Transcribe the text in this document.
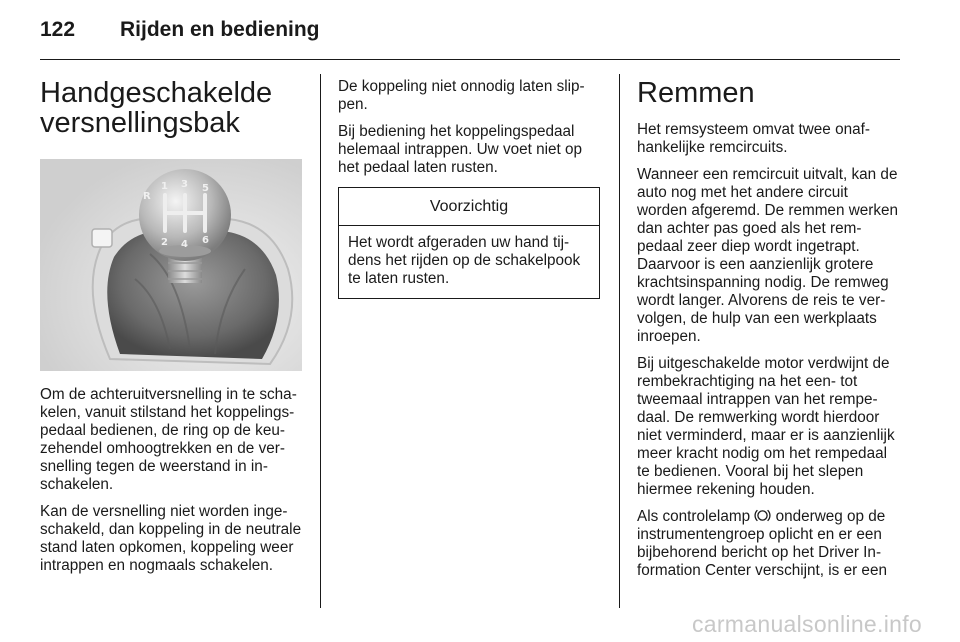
122 Rijden en bediening
Handgeschakelde versnellingsbak
R
1 3 5
2 4 6

Om de achteruitversnelling in te schakelen, vanuit stilstand het koppelingspedaal bedienen, de ring op de keuzehendel omhoogtrekken en de versnelling tegen de weerstand in inschakelen.

Kan de versnelling niet worden ingeschakeld, dan koppeling in de neutrale stand laten opkomen, koppeling weer intrappen en nogmaals schakelen.

De koppeling niet onnodig laten slippen.

Bij bediening het koppelingspedaal helemaal intrappen. Uw voet niet op het pedaal laten rusten.

Voorzichtig

Het wordt afgeraden uw hand tijdens het rijden op de schakelpook te laten rusten.

Remmen

Het remsysteem omvat twee onafhankelijke remcircuits.

Wanneer een remcircuit uitvalt, kan de auto nog met het andere circuit worden afgeremd. De remmen werken dan achter pas goed als het rempedaal zeer diep wordt ingetrapt. Daarvoor is een aanzienlijk grotere krachtsinspanning nodig. De remweg wordt langer. Alvorens de reis te vervolgen, de hulp van een werkplaats inroepen.

Bij uitgeschakelde motor verdwijnt de rembekrachtiging na het een- tot tweemaal intrappen van het rempedaal. De remwerking wordt hierdoor niet verminderd, maar er is aanzienlijk meer kracht nodig om het rempedaal te bedienen. Vooral bij het slepen hiermee rekening houden.

Als controlelamp  onderweg op de instrumentengroep oplicht en er een bijbehorend bericht op het Driver Information Center verschijnt, is er een

carmanualsonline.info
